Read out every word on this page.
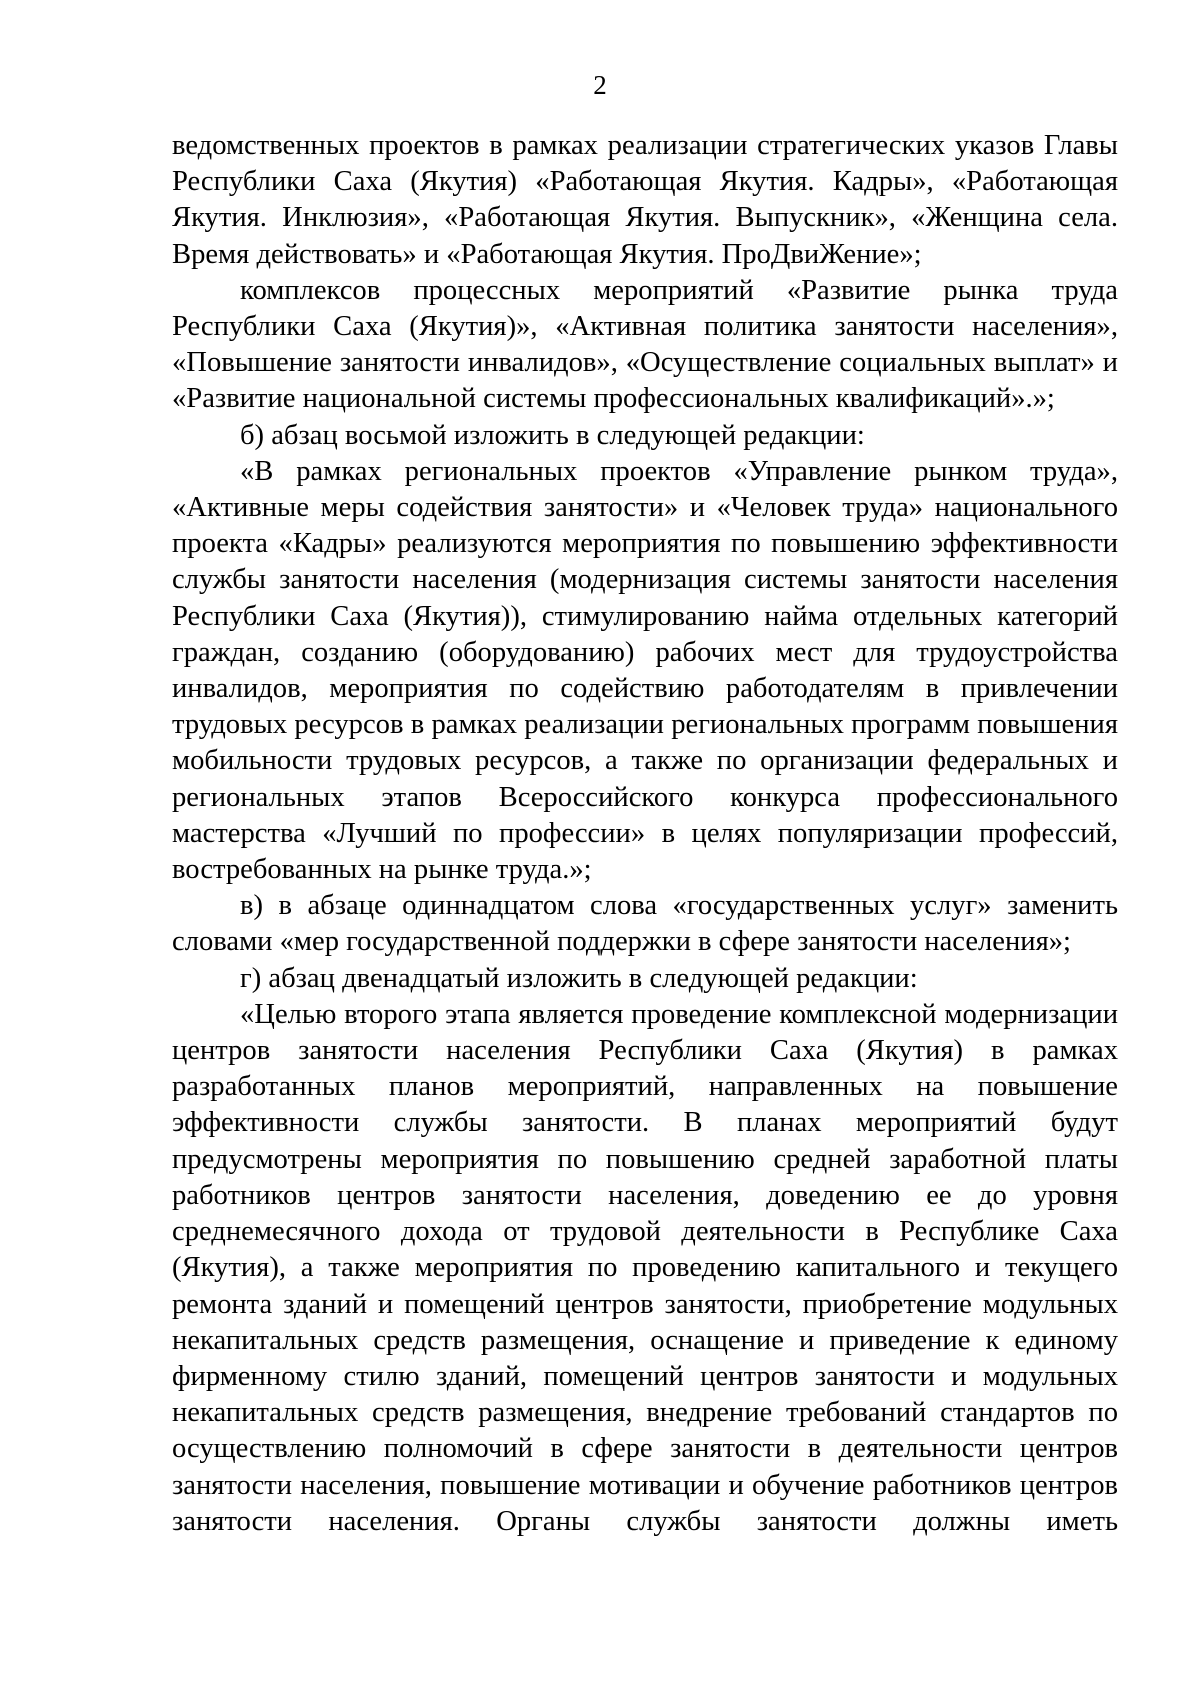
2

ведомственных проектов в рамках реализации стратегических указов Главы Республики Саха (Якутия) «Работающая Якутия. Кадры», «Работающая Якутия. Инклюзия», «Работающая Якутия. Выпускник», «Женщина села. Время действовать» и «Работающая Якутия. ПроДвиЖение»;

комплексов процессных мероприятий «Развитие рынка труда Республики Саха (Якутия)», «Активная политика занятости населения», «Повышение занятости инвалидов», «Осуществление социальных выплат» и «Развитие национальной системы профессиональных квалификаций».»;

б) абзац восьмой изложить в следующей редакции:

«В рамках региональных проектов «Управление рынком труда», «Активные меры содействия занятости» и «Человек труда» национального проекта «Кадры» реализуются мероприятия по повышению эффективности службы занятости населения (модернизация системы занятости населения Республики Саха (Якутия)), стимулированию найма отдельных категорий граждан, созданию (оборудованию) рабочих мест для трудоустройства инвалидов, мероприятия по содействию работодателям в привлечении трудовых ресурсов в рамках реализации региональных программ повышения мобильности трудовых ресурсов, а также по организации федеральных и региональных этапов Всероссийского конкурса профессионального мастерства «Лучший по профессии» в целях популяризации профессий, востребованных на рынке труда.»;

в) в абзаце одиннадцатом слова «государственных услуг» заменить словами «мер государственной поддержки в сфере занятости населения»;

г) абзац двенадцатый изложить в следующей редакции:

«Целью второго этапа является проведение комплексной модернизации центров занятости населения Республики Саха (Якутия) в рамках разработанных планов мероприятий, направленных на повышение эффективности службы занятости. В планах мероприятий будут предусмотрены мероприятия по повышению средней заработной платы работников центров занятости населения, доведению ее до уровня среднемесячного дохода от трудовой деятельности в Республике Саха (Якутия), а также мероприятия по проведению капитального и текущего ремонта зданий и помещений центров занятости, приобретение модульных некапитальных средств размещения, оснащение и приведение к единому фирменному стилю зданий, помещений центров занятости и модульных некапитальных средств размещения, внедрение требований стандартов по осуществлению полномочий в сфере занятости в деятельности центров занятости населения, повышение мотивации и обучение работников центров занятости населения. Органы службы занятости должны иметь
